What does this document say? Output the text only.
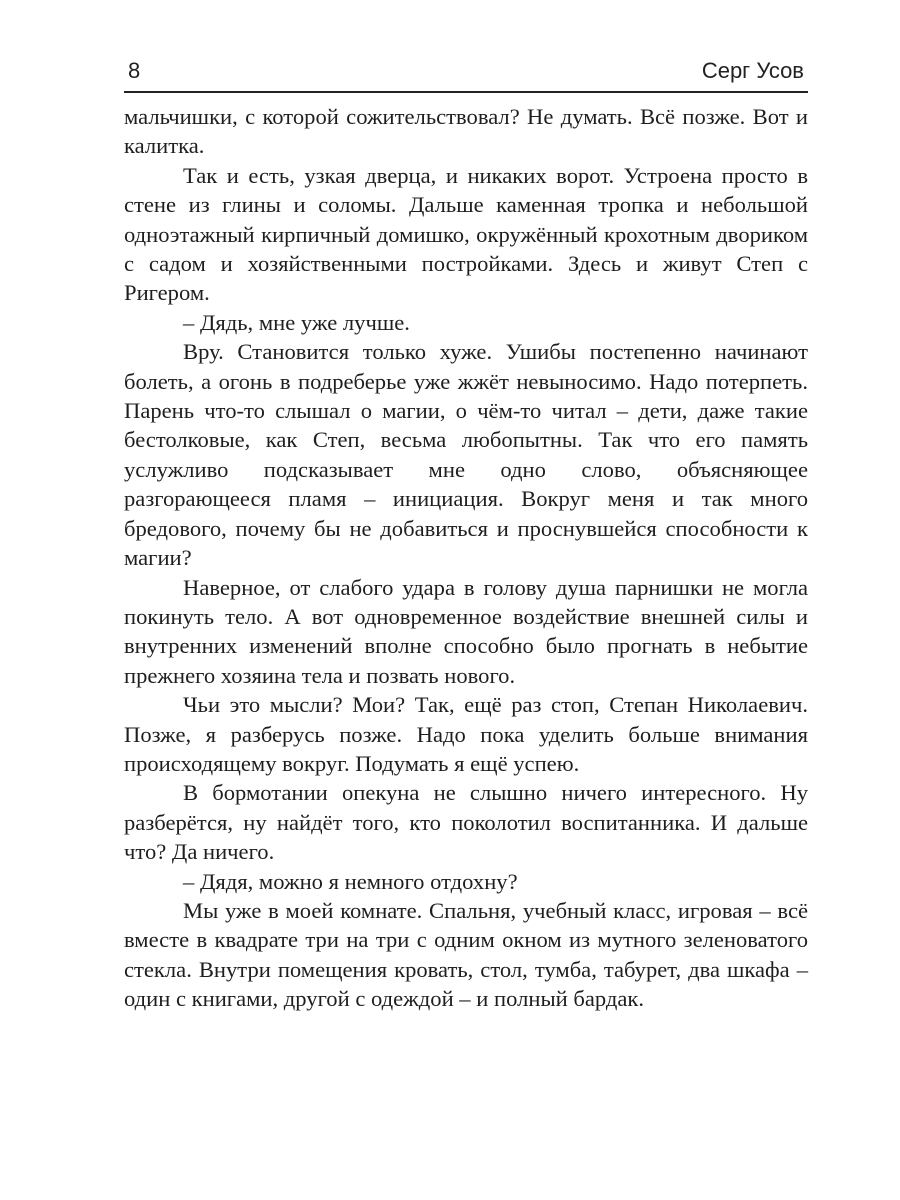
8	Серг Усов

мальчишки, с которой сожительствовал? Не думать. Всё позже. Вот и калитка.

Так и есть, узкая дверца, и никаких ворот. Устроена просто в стене из глины и соломы. Дальше каменная тропка и небольшой одноэтажный кирпичный домишко, окружённый крохотным двориком с садом и хозяйственными постройками. Здесь и живут Степ с Ригером.

– Дядь, мне уже лучше.

Вру. Становится только хуже. Ушибы постепенно начинают болеть, а огонь в подреберье уже жжёт невыносимо. Надо потерпеть. Парень что-то слышал о магии, о чём-то читал – дети, даже такие бестолковые, как Степ, весьма любопытны. Так что его память услужливо подсказывает мне одно слово, объясняющее разгорающееся пламя – инициация. Вокруг меня и так много бредового, почему бы не добавиться и проснувшейся способности к магии?

Наверное, от слабого удара в голову душа парнишки не могла покинуть тело. А вот одновременное воздействие внешней силы и внутренних изменений вполне способно было прогнать в небытие прежнего хозяина тела и позвать нового.

Чьи это мысли? Мои? Так, ещё раз стоп, Степан Николаевич. Позже, я разберусь позже. Надо пока уделить больше внимания происходящему вокруг. Подумать я ещё успею.

В бормотании опекуна не слышно ничего интересного. Ну разберётся, ну найдёт того, кто поколотил воспитанника. И дальше что? Да ничего.

– Дядя, можно я немного отдохну?

Мы уже в моей комнате. Спальня, учебный класс, игровая – всё вместе в квадрате три на три с одним окном из мутного зеленоватого стекла. Внутри помещения кровать, стол, тумба, табурет, два шкафа – один с книгами, другой с одеждой – и полный бардак.
